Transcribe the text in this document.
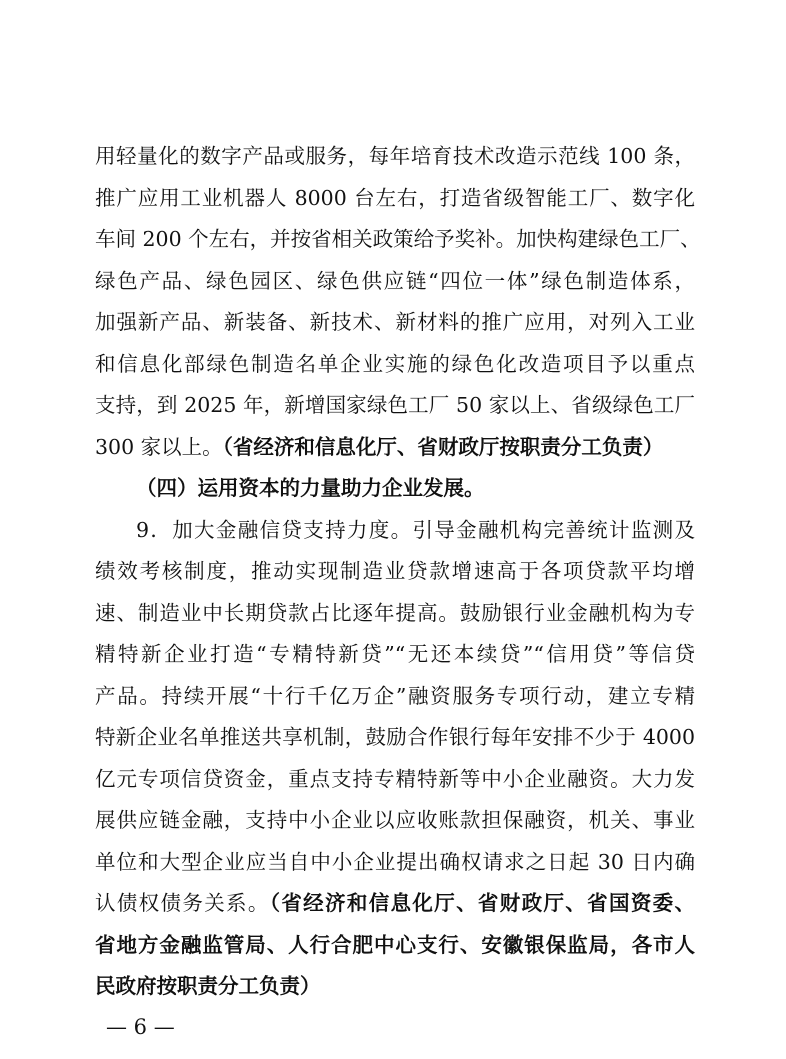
用轻量化的数字产品或服务，每年培育技术改造示范线 100 条，
推广应用工业机器人 8000 台左右，打造省级智能工厂、数字化
车间 200 个左右，并按省相关政策给予奖补。加快构建绿色工厂、
绿色产品、绿色园区、绿色供应链“四位一体”绿色制造体系，
加强新产品、新装备、新技术、新材料的推广应用，对列入工业
和信息化部绿色制造名单企业实施的绿色化改造项目予以重点
支持，到 2025 年，新增国家绿色工厂 50 家以上、省级绿色工厂
300 家以上。（省经济和信息化厅、省财政厅按职责分工负责）
（四）运用资本的力量助力企业发展。
9．加大金融信贷支持力度。引导金融机构完善统计监测及
绩效考核制度，推动实现制造业贷款增速高于各项贷款平均增
速、制造业中长期贷款占比逐年提高。鼓励银行业金融机构为专
精特新企业打造“专精特新贷”“无还本续贷”“信用贷”等信贷
产品。持续开展“十行千亿万企”融资服务专项行动，建立专精
特新企业名单推送共享机制，鼓励合作银行每年安排不少于 4000
亿元专项信贷资金，重点支持专精特新等中小企业融资。大力发
展供应链金融，支持中小企业以应收账款担保融资，机关、事业
单位和大型企业应当自中小企业提出确权请求之日起 30 日内确
认债权债务关系。（省经济和信息化厅、省财政厅、省国资委、
省地方金融监管局、人行合肥中心支行、安徽银保监局，各市人
民政府按职责分工负责）
— 6 —
